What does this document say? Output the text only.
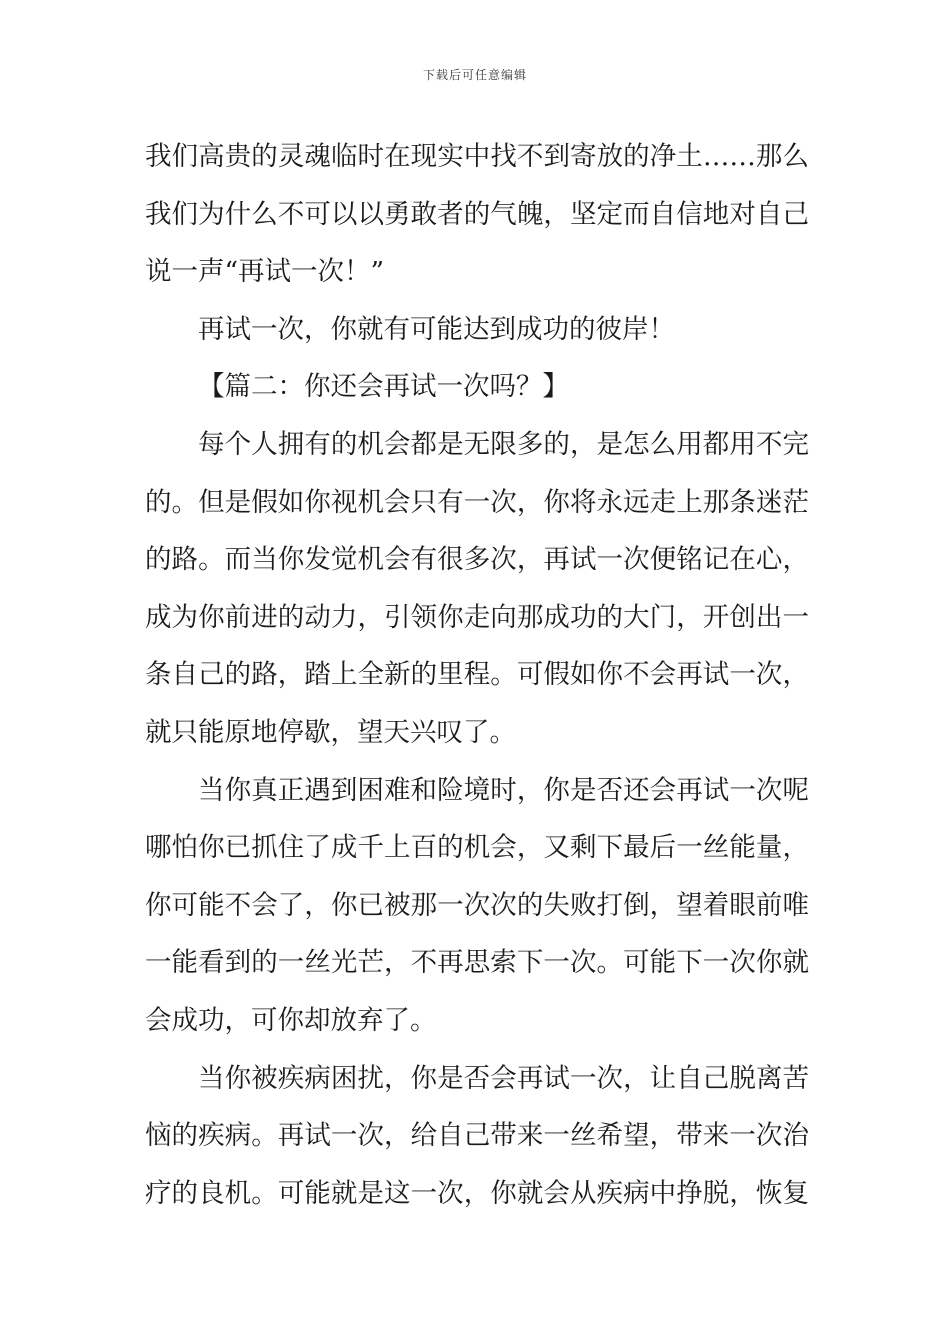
下载后可任意编辑
我们高贵的灵魂临时在现实中找不到寄放的净土……那么
我们为什么不可以以勇敢者的气魄，坚定而自信地对自己
说一声“再试一次！”
再试一次，你就有可能达到成功的彼岸！
【篇二：你还会再试一次吗？】
每个人拥有的机会都是无限多的，是怎么用都用不完
的。但是假如你视机会只有一次，你将永远走上那条迷茫
的路。而当你发觉机会有很多次，再试一次便铭记在心，
成为你前进的动力，引领你走向那成功的大门，开创出一
条自己的路，踏上全新的里程。可假如你不会再试一次，
就只能原地停歇，望天兴叹了。
当你真正遇到困难和险境时，你是否还会再试一次呢
哪怕你已抓住了成千上百的机会，又剩下最后一丝能量，
你可能不会了，你已被那一次次的失败打倒，望着眼前唯
一能看到的一丝光芒，不再思索下一次。可能下一次你就
会成功，可你却放弃了。
当你被疾病困扰，你是否会再试一次，让自己脱离苦
恼的疾病。再试一次，给自己带来一丝希望，带来一次治
疗的良机。可能就是这一次，你就会从疾病中挣脱，恢复
